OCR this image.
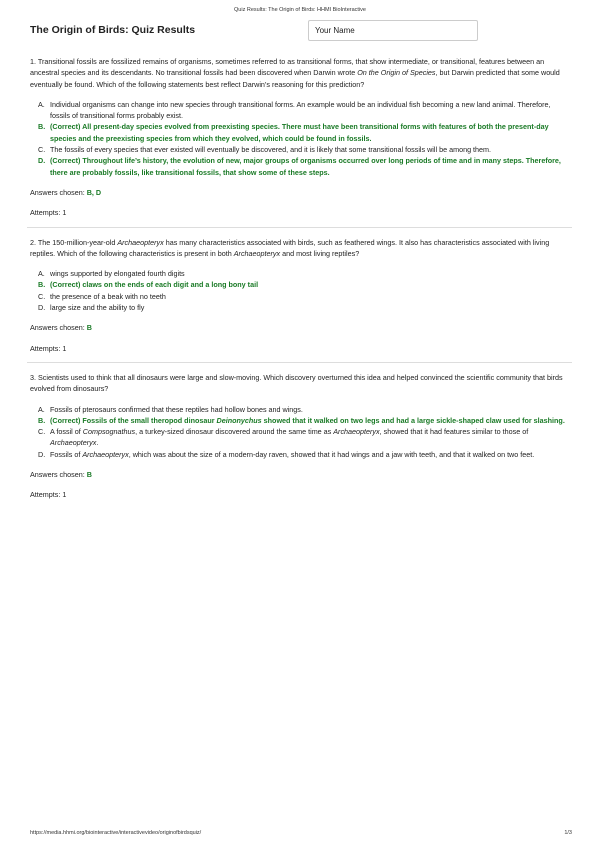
Quiz Results: The Origin of Birds: HHMI BioInteractive
The Origin of Birds: Quiz Results
Your Name

1. Transitional fossils are fossilized remains of organisms, sometimes referred to as transitional forms, that show intermediate, or transitional, features between an ancestral species and its descendants. No transitional fossils had been discovered when Darwin wrote On the Origin of Species, but Darwin predicted that some would eventually be found. Which of the following statements best reflect Darwin’s reasoning for this prediction?

A. Individual organisms can change into new species through transitional forms. An example would be an individual fish becoming a new land animal. Therefore, fossils of transitional forms probably exist.
B. (Correct) All present-day species evolved from preexisting species. There must have been transitional forms with features of both the present-day species and the preexisting species from which they evolved, which could be found in fossils.
C. The fossils of every species that ever existed will eventually be discovered, and it is likely that some transitional fossils will be among them.
D. (Correct) Throughout life’s history, the evolution of new, major groups of organisms occurred over long periods of time and in many steps. Therefore, there are probably fossils, like transitional fossils, that show some of these steps.
Answers chosen: B, D
Attempts: 1

2. The 150-million-year-old Archaeopteryx has many characteristics associated with birds, such as feathered wings. It also has characteristics associated with living reptiles. Which of the following characteristics is present in both Archaeopteryx and most living reptiles?

A. wings supported by elongated fourth digits
B. (Correct) claws on the ends of each digit and a long bony tail
C. the presence of a beak with no teeth
D. large size and the ability to fly
Answers chosen: B
Attempts: 1

3. Scientists used to think that all dinosaurs were large and slow-moving. Which discovery overturned this idea and helped convinced the scientific community that birds evolved from dinosaurs?

A. Fossils of pterosaurs confirmed that these reptiles had hollow bones and wings.
B. (Correct) Fossils of the small theropod dinosaur Deinonychus showed that it walked on two legs and had a large sickle-shaped claw used for slashing.
C. A fossil of Compsognathus, a turkey-sized dinosaur discovered around the same time as Archaeopteryx, showed that it had features similar to those of Archaeopteryx.
D. Fossils of Archaeopteryx, which was about the size of a modern-day raven, showed that it had wings and a jaw with teeth, and that it walked on two feet.
Answers chosen: B
Attempts: 1
https://media.hhmi.org/biointeractive/interactivevideo/originofbirdsquiz/	1/3
